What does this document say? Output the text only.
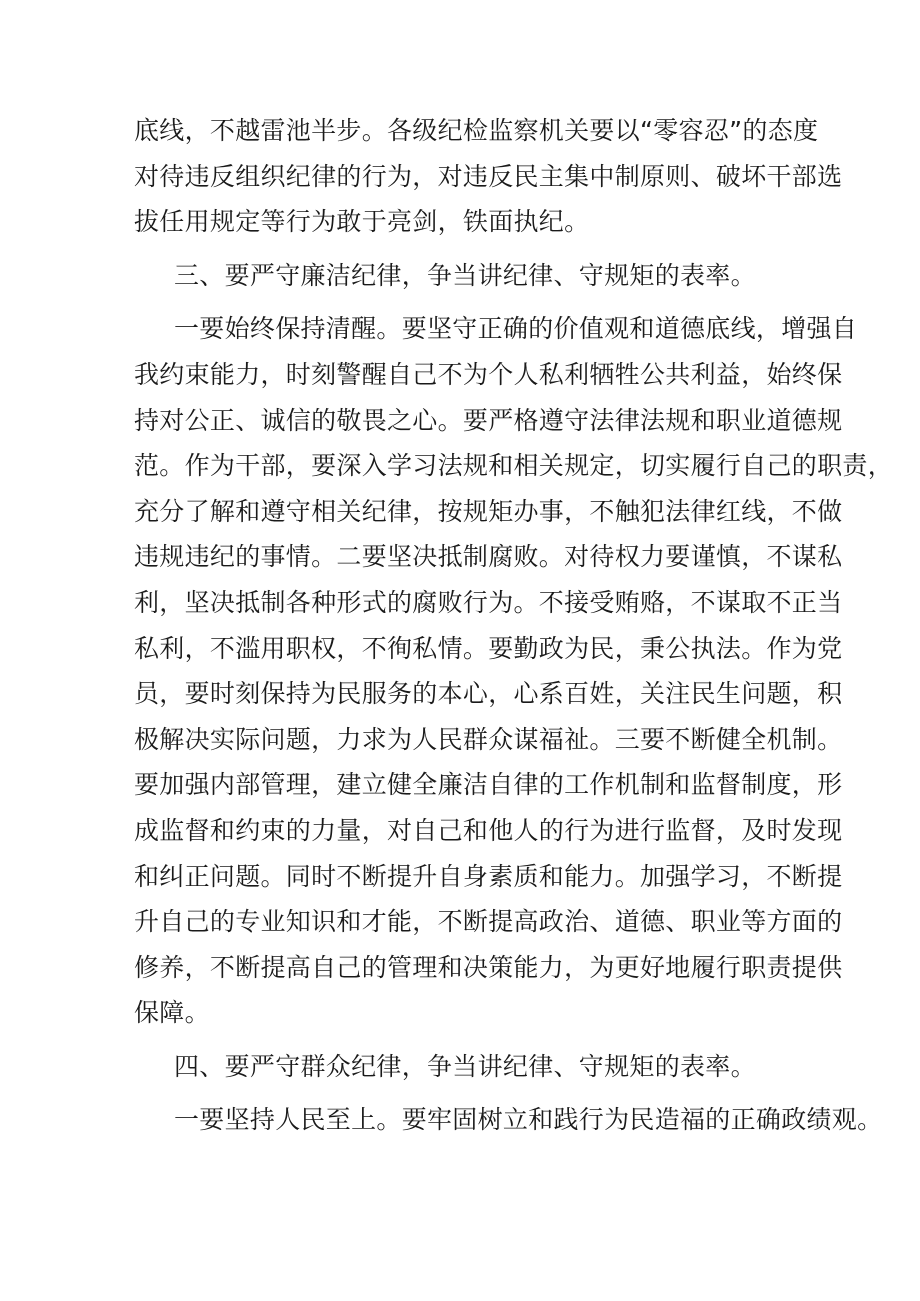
底线，不越雷池半步。各级纪检监察机关要以“零容忍”的态度
对待违反组织纪律的行为，对违反民主集中制原则、破坏干部选
拔任用规定等行为敢于亮剑，铁面执纪。
三、要严守廉洁纪律，争当讲纪律、守规矩的表率。
一要始终保持清醒。要坚守正确的价值观和道德底线，增强自
我约束能力，时刻警醒自己不为个人私利牺牲公共利益，始终保
持对公正、诚信的敬畏之心。要严格遵守法律法规和职业道德规
范。作为干部，要深入学习法规和相关规定，切实履行自己的职责，
充分了解和遵守相关纪律，按规矩办事，不触犯法律红线，不做
违规违纪的事情。二要坚决抵制腐败。对待权力要谨慎，不谋私
利，坚决抵制各种形式的腐败行为。不接受贿赂，不谋取不正当
私利，不滥用职权，不徇私情。要勤政为民，秉公执法。作为党
员，要时刻保持为民服务的本心，心系百姓，关注民生问题，积
极解决实际问题，力求为人民群众谋福祉。三要不断健全机制。
要加强内部管理，建立健全廉洁自律的工作机制和监督制度，形
成监督和约束的力量，对自己和他人的行为进行监督，及时发现
和纠正问题。同时不断提升自身素质和能力。加强学习，不断提
升自己的专业知识和才能，不断提高政治、道德、职业等方面的
修养，不断提高自己的管理和决策能力，为更好地履行职责提供
保障。
四、要严守群众纪律，争当讲纪律、守规矩的表率。
一要坚持人民至上。要牢固树立和践行为民造福的正确政绩观。
